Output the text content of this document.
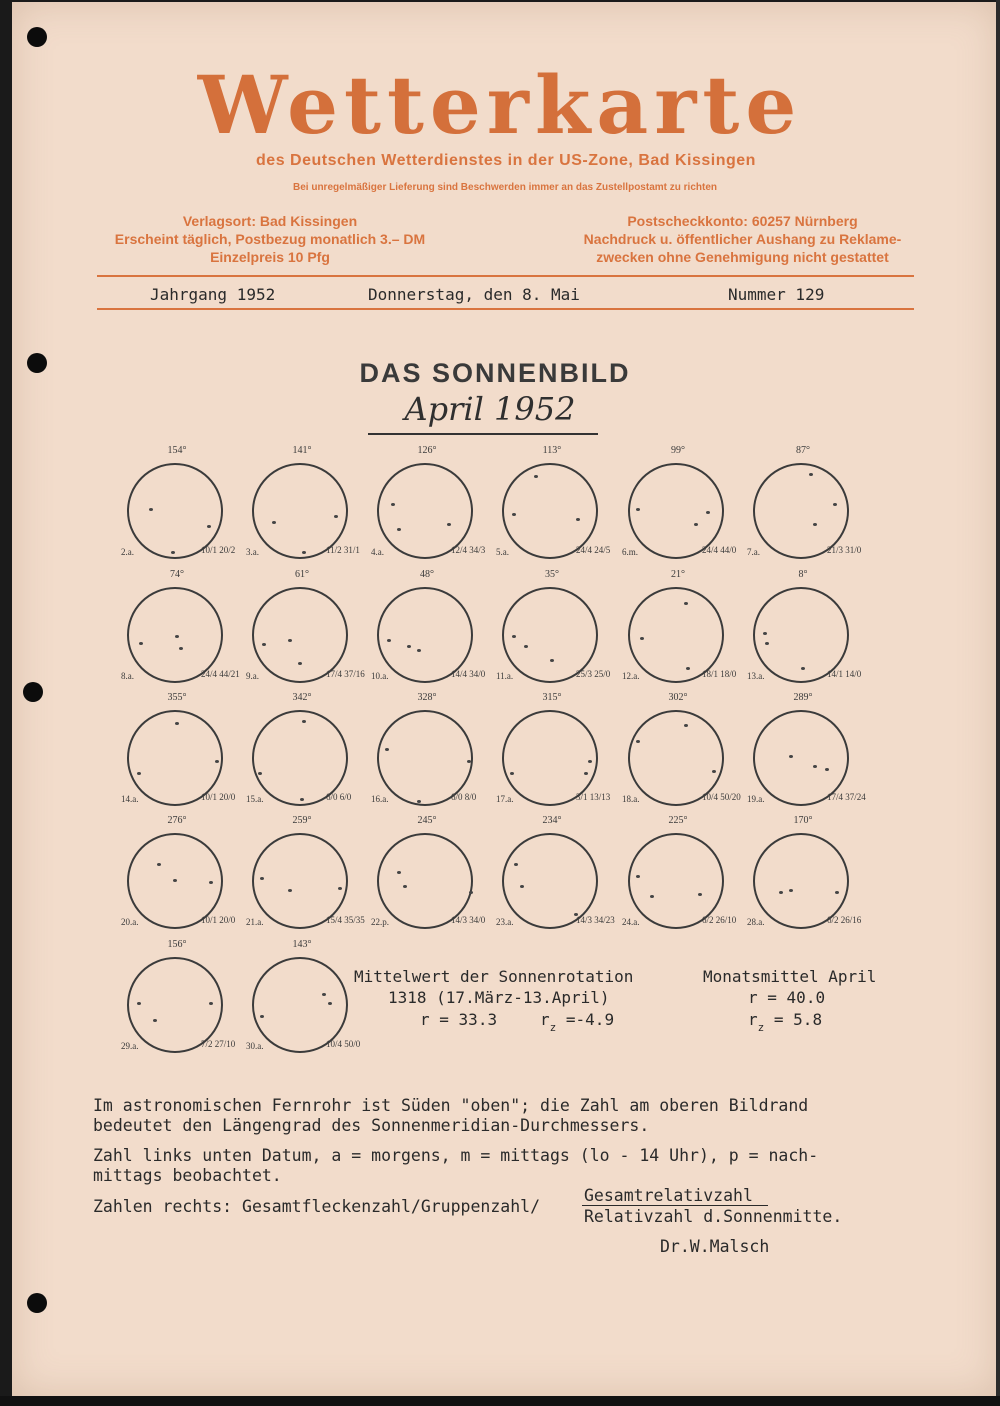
Wetterkarte
des Deutschen Wetterdienstes in der US-Zone, Bad Kissingen
Bei unregelmäßiger Lieferung sind Beschwerden immer an das Zustellpostamt zu richten
Verlagsort: Bad Kissingen
Erscheint täglich, Postbezug monatlich 3.– DM
Einzelpreis 10 Pfg
Postscheckkonto: 60257 Nürnberg
Nachdruck u. öffentlicher Aushang zu Reklame-
zwecken ohne Genehmigung nicht gestattet
Jahrgang 1952	Donnerstag, den 8. Mai	Nummer 129
DAS SONNENBILD
April 1952
154°
2.a.	10/1 20/2
141°
3.a.	11/2 31/1
126°
4.a.	12/4 34/3
113°
5.a.	24/4 24/5
99°
6.m.	24/4 44/0
87°
7.a.	21/3 31/0
74°
8.a.	24/4 44/21
61°
9.a.	17/4 37/16
48°
10.a.	14/4 34/0
35°
11.a.	25/3 25/0
21°
12.a.	18/1 18/0
8°
13.a.	14/1 14/0
355°
14.a.	10/1 20/0
342°
15.a.	6/0 6/0
328°
16.a.	6/0 8/0
315°
17.a.	3/1 13/13
302°
18.a.	10/4 50/20
289°
19.a.	17/4 37/24
276°
20.a.	10/1 20/0
259°
21.a.	15/4 35/35
245°
22.p.	14/3 34/0
234°
23.a.	14/3 34/23
225°
24.a.	6/2 26/10
170°
28.a.	6/2 26/16
156°
29.a.	7/2 27/10
143°
30.a.	10/4 50/0
Mittelwert der Sonnenrotation
1318 (17.März-13.April)
r = 33.3	$r_z =-4.9$
Monatsmittel April
r = 40.0
$r_z = 5.8$
Im astronomischen Fernrohr ist Süden "oben"; die Zahl am oberen Bildrand
bedeutet den Längengrad des Sonnenmeridian-Durchmessers.
Zahl links unten Datum, a = morgens, m = mittags (lo - 14 Uhr), p = nach-
mittags beobachtet.
Zahlen rechts: Gesamtfleckenzahl/Gruppenzahl/
Gesamtrelativzahl
Relativzahl d.Sonnenmitte.
Dr.W.Malsch
